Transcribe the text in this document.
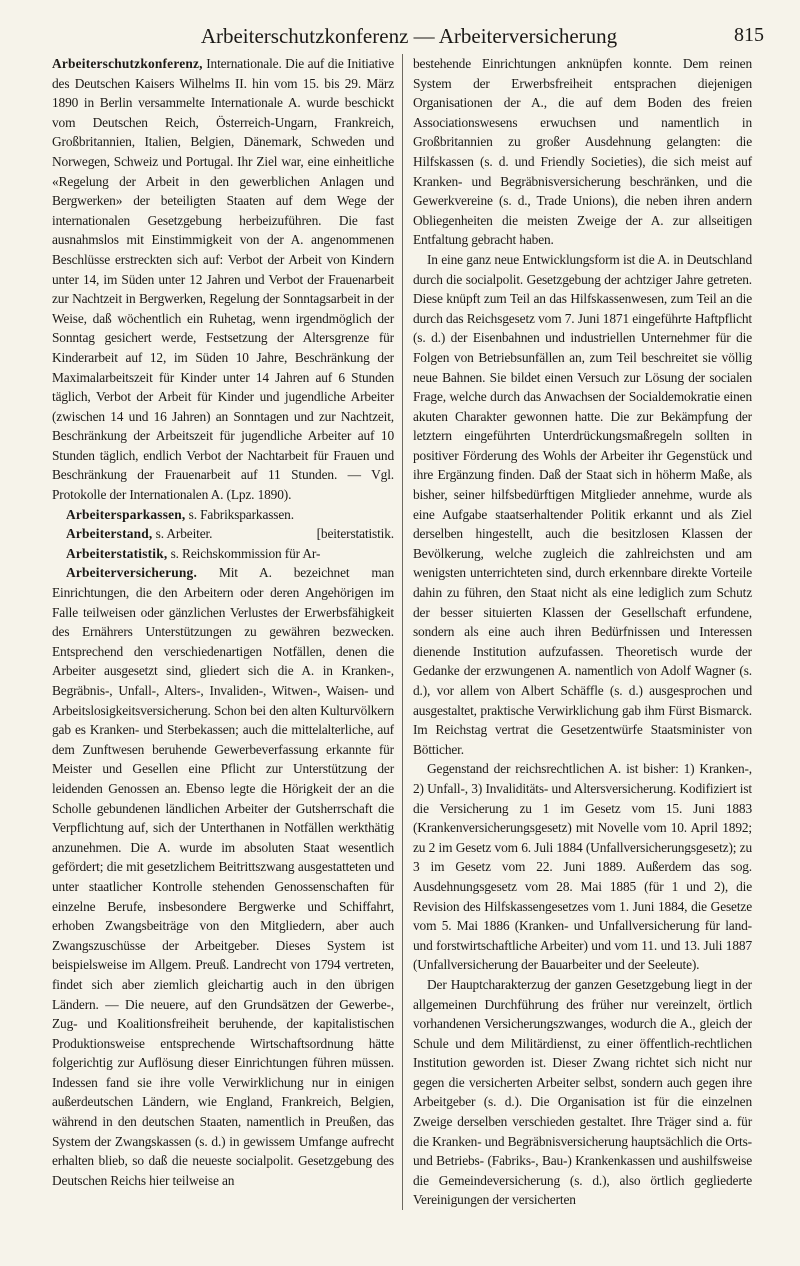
Arbeiterschutzkonferenz — Arbeiterversicherung	815

Arbeiterschutzkonferenz, Internationale. Die auf die Initiative des Deutschen Kaisers Wilhelms II. hin vom 15. bis 29. März 1890 in Berlin versammelte Internationale A. wurde beschickt vom Deutschen Reich, Österreich-Ungarn, Frankreich, Großbritannien, Italien, Belgien, Dänemark, Schweden und Norwegen, Schweiz und Portugal. Ihr Ziel war, eine einheitliche «Regelung der Arbeit in den gewerblichen Anlagen und Bergwerken» der beteiligten Staaten auf dem Wege der internationalen Gesetzgebung herbeizuführen. Die fast ausnahmslos mit Einstimmigkeit von der A. angenommenen Beschlüsse erstreckten sich auf: Verbot der Arbeit von Kindern unter 14, im Süden unter 12 Jahren und Verbot der Frauenarbeit zur Nachtzeit in Bergwerken, Regelung der Sonntagsarbeit in der Weise, daß wöchentlich ein Ruhetag, wenn irgendmöglich der Sonntag gesichert werde, Festsetzung der Altersgrenze für Kinderarbeit auf 12, im Süden 10 Jahre, Beschränkung der Maximalarbeitszeit für Kinder unter 14 Jahren auf 6 Stunden täglich, Verbot der Arbeit für Kinder und jugendliche Arbeiter (zwischen 14 und 16 Jahren) an Sonntagen und zur Nachtzeit, Beschränkung der Arbeitszeit für jugendliche Arbeiter auf 10 Stunden täglich, endlich Verbot der Nachtarbeit für Frauen und Beschränkung der Frauenarbeit auf 11 Stunden. — Vgl. Protokolle der Internationalen A. (Lpz. 1890).

Arbeitersparkassen, s. Fabriksparkassen.

Arbeiterstand, s. Arbeiter.	[beiterstatistik.

Arbeiterstatistik, s. Reichskommission für Ar-

Arbeiterversicherung. Mit A. bezeichnet man Einrichtungen, die den Arbeitern oder deren Angehörigen im Falle teilweisen oder gänzlichen Verlustes der Erwerbsfähigkeit des Ernährers Unterstützungen zu gewähren bezwecken. Entsprechend den verschiedenartigen Notfällen, denen die Arbeiter ausgesetzt sind, gliedert sich die A. in Kranken-, Begräbnis-, Unfall-, Alters-, Invaliden-, Witwen-, Waisen- und Arbeitslosigkeitsversicherung. Schon bei den alten Kulturvölkern gab es Kranken- und Sterbekassen; auch die mittelalterliche, auf dem Zunftwesen beruhende Gewerbeverfassung erkannte für Meister und Gesellen eine Pflicht zur Unterstützung der leidenden Genossen an. Ebenso legte die Hörigkeit der an die Scholle gebundenen ländlichen Arbeiter der Gutsherrschaft die Verpflichtung auf, sich der Unterthanen in Notfällen werkthätig anzunehmen. Die A. wurde im absoluten Staat wesentlich gefördert; die mit gesetzlichem Beitrittszwang ausgestatteten und unter staatlicher Kontrolle stehenden Genossenschaften für einzelne Berufe, insbesondere Bergwerke und Schiffahrt, erhoben Zwangsbeiträge von den Mitgliedern, aber auch Zwangszuschüsse der Arbeitgeber. Dieses System ist beispielsweise im Allgem. Preuß. Landrecht von 1794 vertreten, findet sich aber ziemlich gleichartig auch in den übrigen Ländern. — Die neuere, auf den Grundsätzen der Gewerbe-, Zug- und Koalitionsfreiheit beruhende, der kapitalistischen Produktionsweise entsprechende Wirtschaftsordnung hätte folgerichtig zur Auflösung dieser Einrichtungen führen müssen. Indessen fand sie ihre volle Verwirklichung nur in einigen außerdeutschen Ländern, wie England, Frankreich, Belgien, während in den deutschen Staaten, namentlich in Preußen, das System der Zwangskassen (s. d.) in gewissem Umfange aufrecht erhalten blieb, so daß die neueste socialpolit. Gesetzgebung des Deutschen Reichs hier teilweise an

bestehende Einrichtungen anknüpfen konnte. Dem reinen System der Erwerbsfreiheit entsprachen diejenigen Organisationen der A., die auf dem Boden des freien Associationswesens erwuchsen und namentlich in Großbritannien zu großer Ausdehnung gelangten: die Hilfskassen (s. d. und Friendly Societies), die sich meist auf Kranken- und Begräbnisversicherung beschränken, und die Gewerkvereine (s. d., Trade Unions), die neben ihren andern Obliegenheiten die meisten Zweige der A. zur allseitigen Entfaltung gebracht haben.

In eine ganz neue Entwicklungsform ist die A. in Deutschland durch die socialpolit. Gesetzgebung der achtziger Jahre getreten. Diese knüpft zum Teil an das Hilfskassenwesen, zum Teil an die durch das Reichsgesetz vom 7. Juni 1871 eingeführte Haftpflicht (s. d.) der Eisenbahnen und industriellen Unternehmer für die Folgen von Betriebsunfällen an, zum Teil beschreitet sie völlig neue Bahnen. Sie bildet einen Versuch zur Lösung der socialen Frage, welche durch das Anwachsen der Socialdemokratie einen akuten Charakter gewonnen hatte. Die zur Bekämpfung der letztern eingeführten Unterdrückungsmaßregeln sollten in positiver Förderung des Wohls der Arbeiter ihr Gegenstück und ihre Ergänzung finden. Daß der Staat sich in höherm Maße, als bisher, seiner hilfsbedürftigen Mitglieder annehme, wurde als eine Aufgabe staatserhaltender Politik erkannt und als Ziel derselben hingestellt, auch die besitzlosen Klassen der Bevölkerung, welche zugleich die zahlreichsten und am wenigsten unterrichteten sind, durch erkennbare direkte Vorteile dahin zu führen, den Staat nicht als eine lediglich zum Schutz der besser situierten Klassen der Gesellschaft erfundene, sondern als eine auch ihren Bedürfnissen und Interessen dienende Institution aufzufassen. Theoretisch wurde der Gedanke der erzwungenen A. namentlich von Adolf Wagner (s. d.), vor allem von Albert Schäffle (s. d.) ausgesprochen und ausgestaltet, praktische Verwirklichung gab ihm Fürst Bismarck. Im Reichstag vertrat die Gesetzentwürfe Staatsminister von Bötticher.

Gegenstand der reichsrechtlichen A. ist bisher: 1) Kranken-, 2) Unfall-, 3) Invaliditäts- und Altersversicherung. Kodifiziert ist die Versicherung zu 1 im Gesetz vom 15. Juni 1883 (Krankenversicherungsgesetz) mit Novelle vom 10. April 1892; zu 2 im Gesetz vom 6. Juli 1884 (Unfallversicherungsgesetz); zu 3 im Gesetz vom 22. Juni 1889. Außerdem das sog. Ausdehnungsgesetz vom 28. Mai 1885 (für 1 und 2), die Revision des Hilfskassengesetzes vom 1. Juni 1884, die Gesetze vom 5. Mai 1886 (Kranken- und Unfallversicherung für land- und forstwirtschaftliche Arbeiter) und vom 11. und 13. Juli 1887 (Unfallversicherung der Bauarbeiter und der Seeleute).

Der Hauptcharakterzug der ganzen Gesetzgebung liegt in der allgemeinen Durchführung des früher nur vereinzelt, örtlich vorhandenen Versicherungszwanges, wodurch die A., gleich der Schule und dem Militärdienst, zu einer öffentlich-rechtlichen Institution geworden ist. Dieser Zwang richtet sich nicht nur gegen die versicherten Arbeiter selbst, sondern auch gegen ihre Arbeitgeber (s. d.). Die Organisation ist für die einzelnen Zweige derselben verschieden gestaltet. Ihre Träger sind a. für die Kranken- und Begräbnisversicherung hauptsächlich die Orts- und Betriebs- (Fabriks-, Bau-) Krankenkassen und aushilfsweise die Gemeindeversicherung (s. d.), also örtlich gegliederte Vereinigungen der versicherten
